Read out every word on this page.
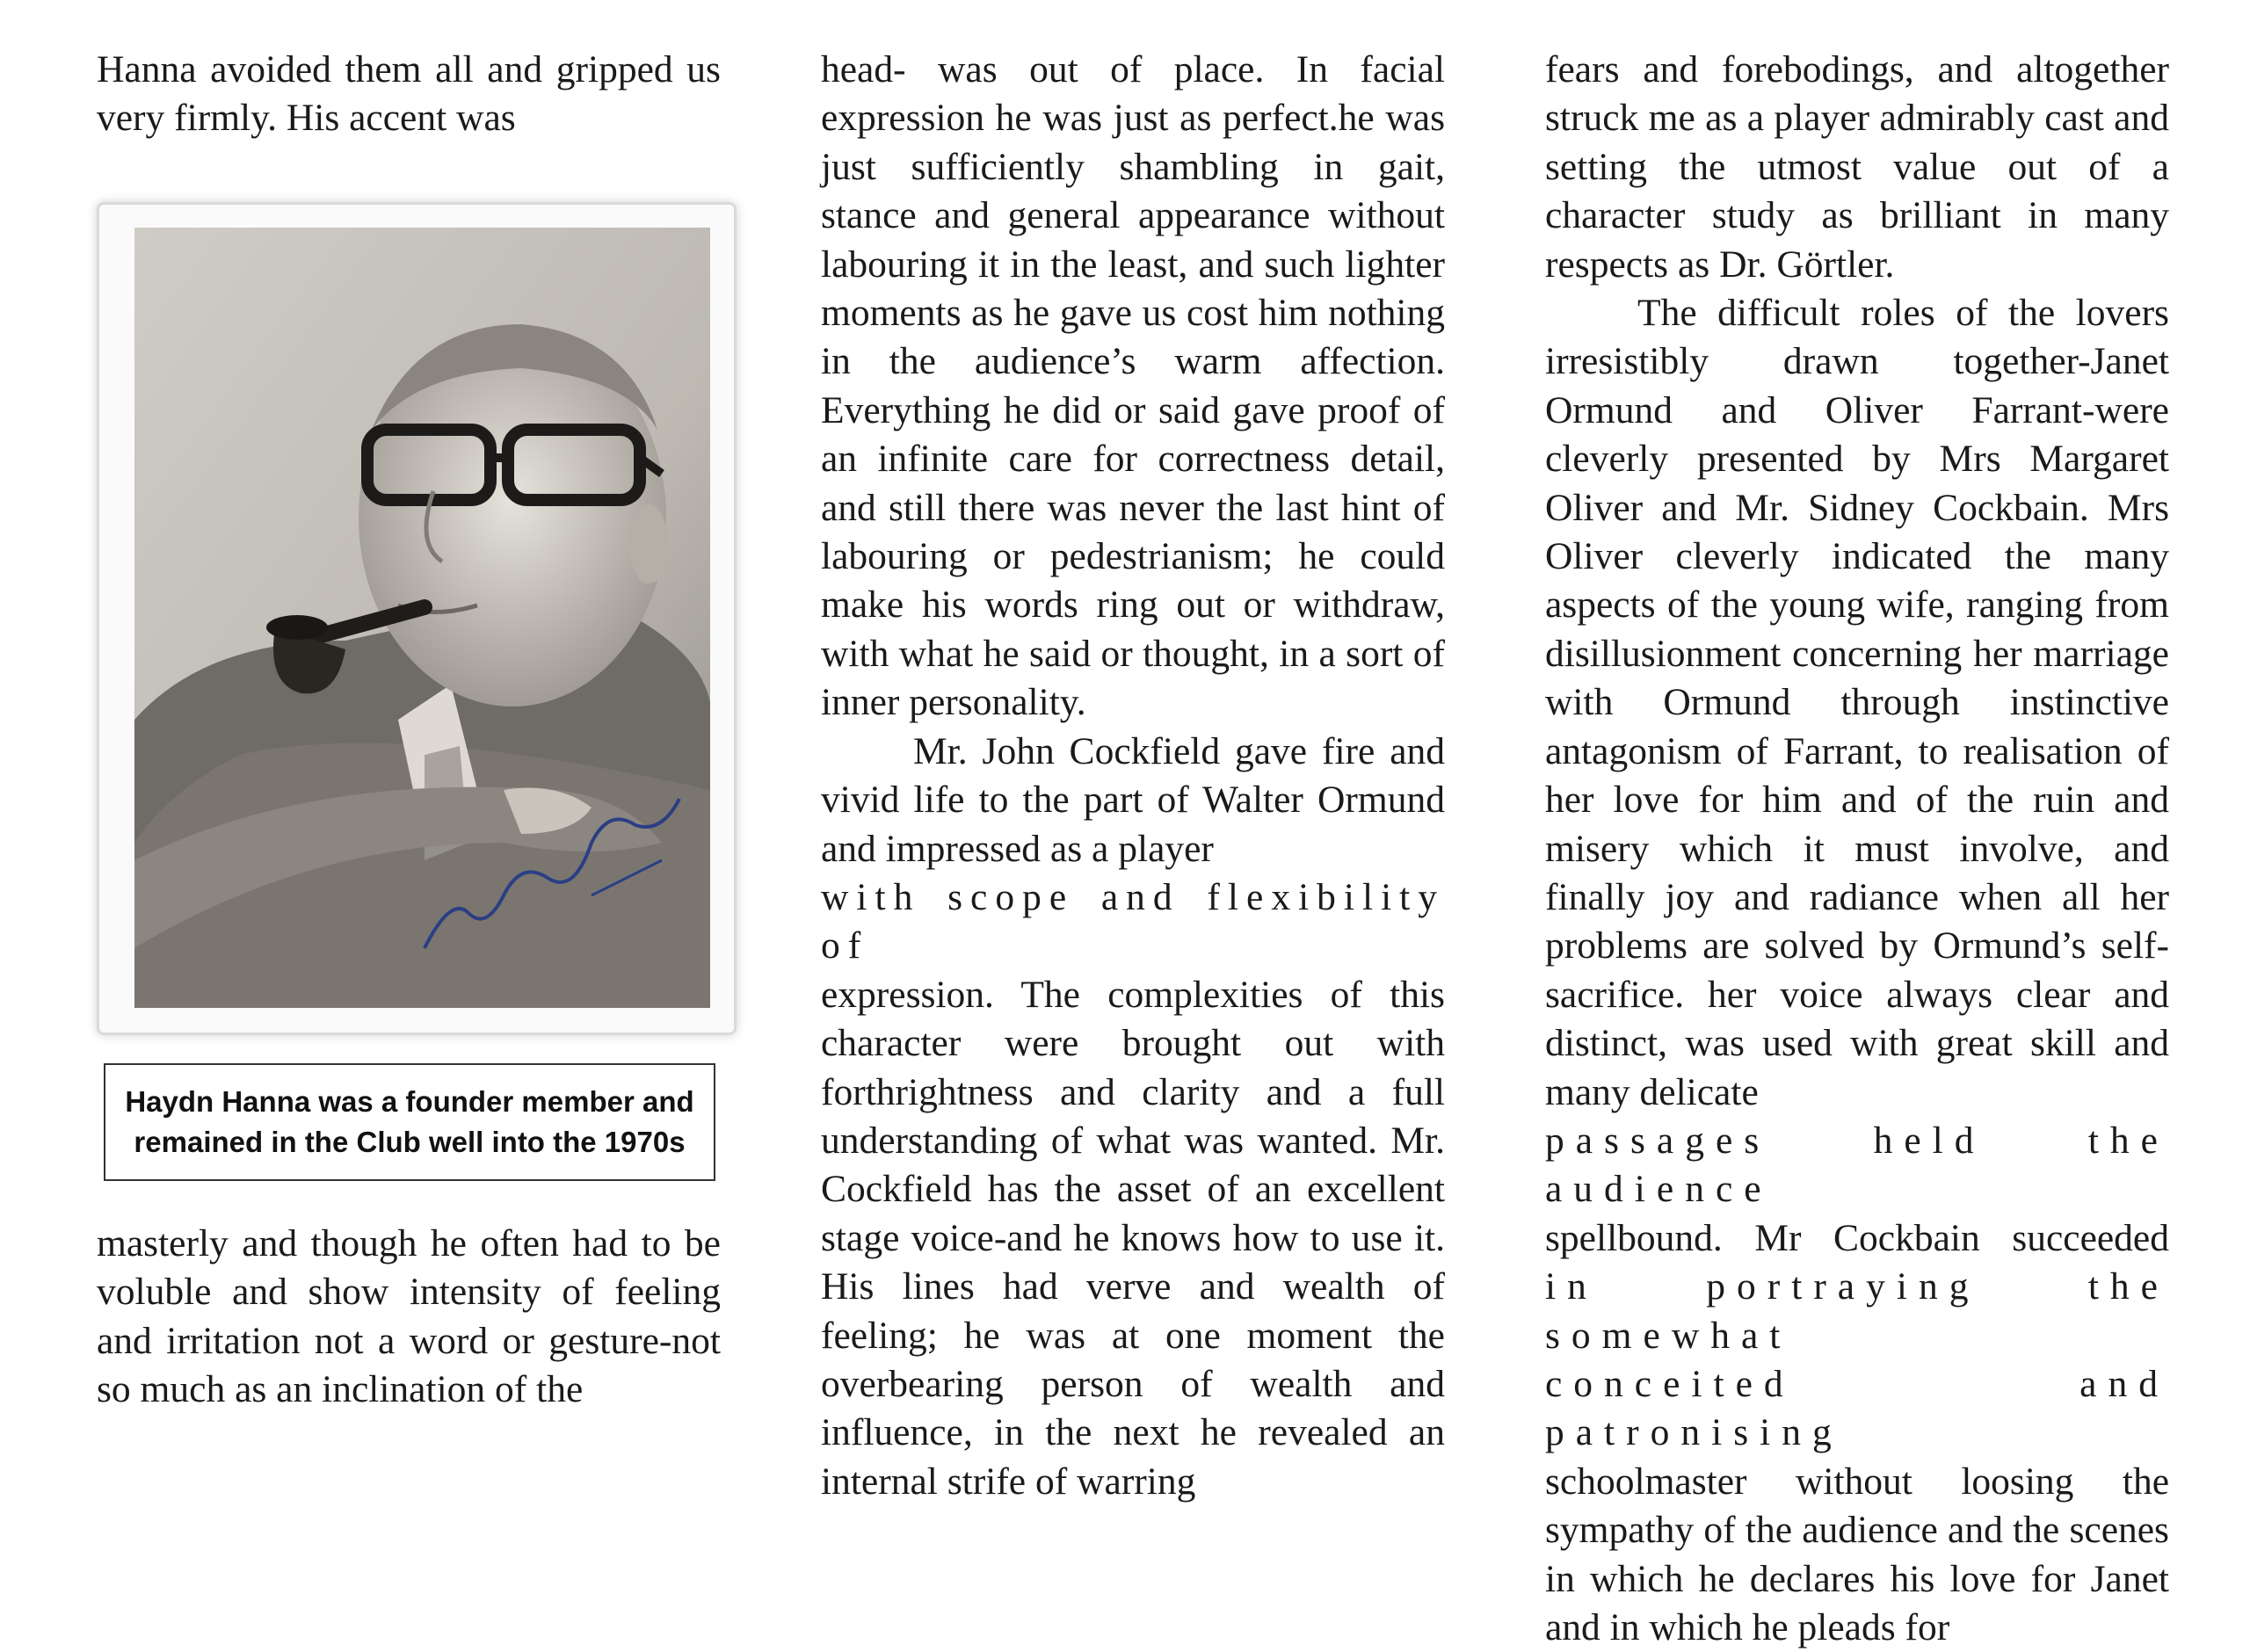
Hanna avoided them all and gripped us very firmly. His accent was

Haydn Hanna was a founder member and remained in the Club well into the 1970s

masterly and though he often had to be voluble and show intensity of feeling and irritation not a word or gesture-not so much as an inclination of the

head- was out of place. In facial expression he was just as perfect.he was just sufficiently shambling in gait, stance and general appearance without labouring it in the least, and such lighter moments as he gave us cost him nothing in the audience’s warm affection. Everything he did or said gave proof of an infinite care for correctness detail, and still there was never the last hint of labouring or pedestrianism; he could make his words ring out or withdraw, with what he said or thought, in a sort of inner personality.

Mr. John Cockfield gave fire and vivid life to the part of Walter Ormund and impressed as a player

with scope and flexibility of

expression. The complexities of this character were brought out with forthrightness and clarity and a full understanding of what was wanted. Mr. Cockfield has the asset of an excellent stage voice-and he knows how to use it. His lines had verve and wealth of feeling; he was at one moment the overbearing person of wealth and influence, in the next he revealed an internal strife of warring

fears and forebodings, and altogether struck me as a player admirably cast and setting the utmost value out of a character study as brilliant in many respects as Dr. Görtler.

The difficult roles of the lovers irresistibly drawn together-Janet Ormund and Oliver Farrant-were cleverly presented by Mrs Margaret Oliver and Mr. Sidney Cockbain. Mrs Oliver cleverly indicated the many aspects of the young wife, ranging from disillusionment concerning her marriage with Ormund through instinctive antagonism of Farrant, to realisation of her love for him and of the ruin and misery which it must involve, and finally joy and radiance when all her problems are solved by Ormund’s self-sacrifice. her voice always clear and distinct, was used with great skill and many delicate

passages held the audience

spellbound. Mr Cockbain succeeded

in portraying the somewhat

conceited and patronising

schoolmaster without loosing the sympathy of the audience and the scenes in which he declares his love for Janet and in which he pleads for
